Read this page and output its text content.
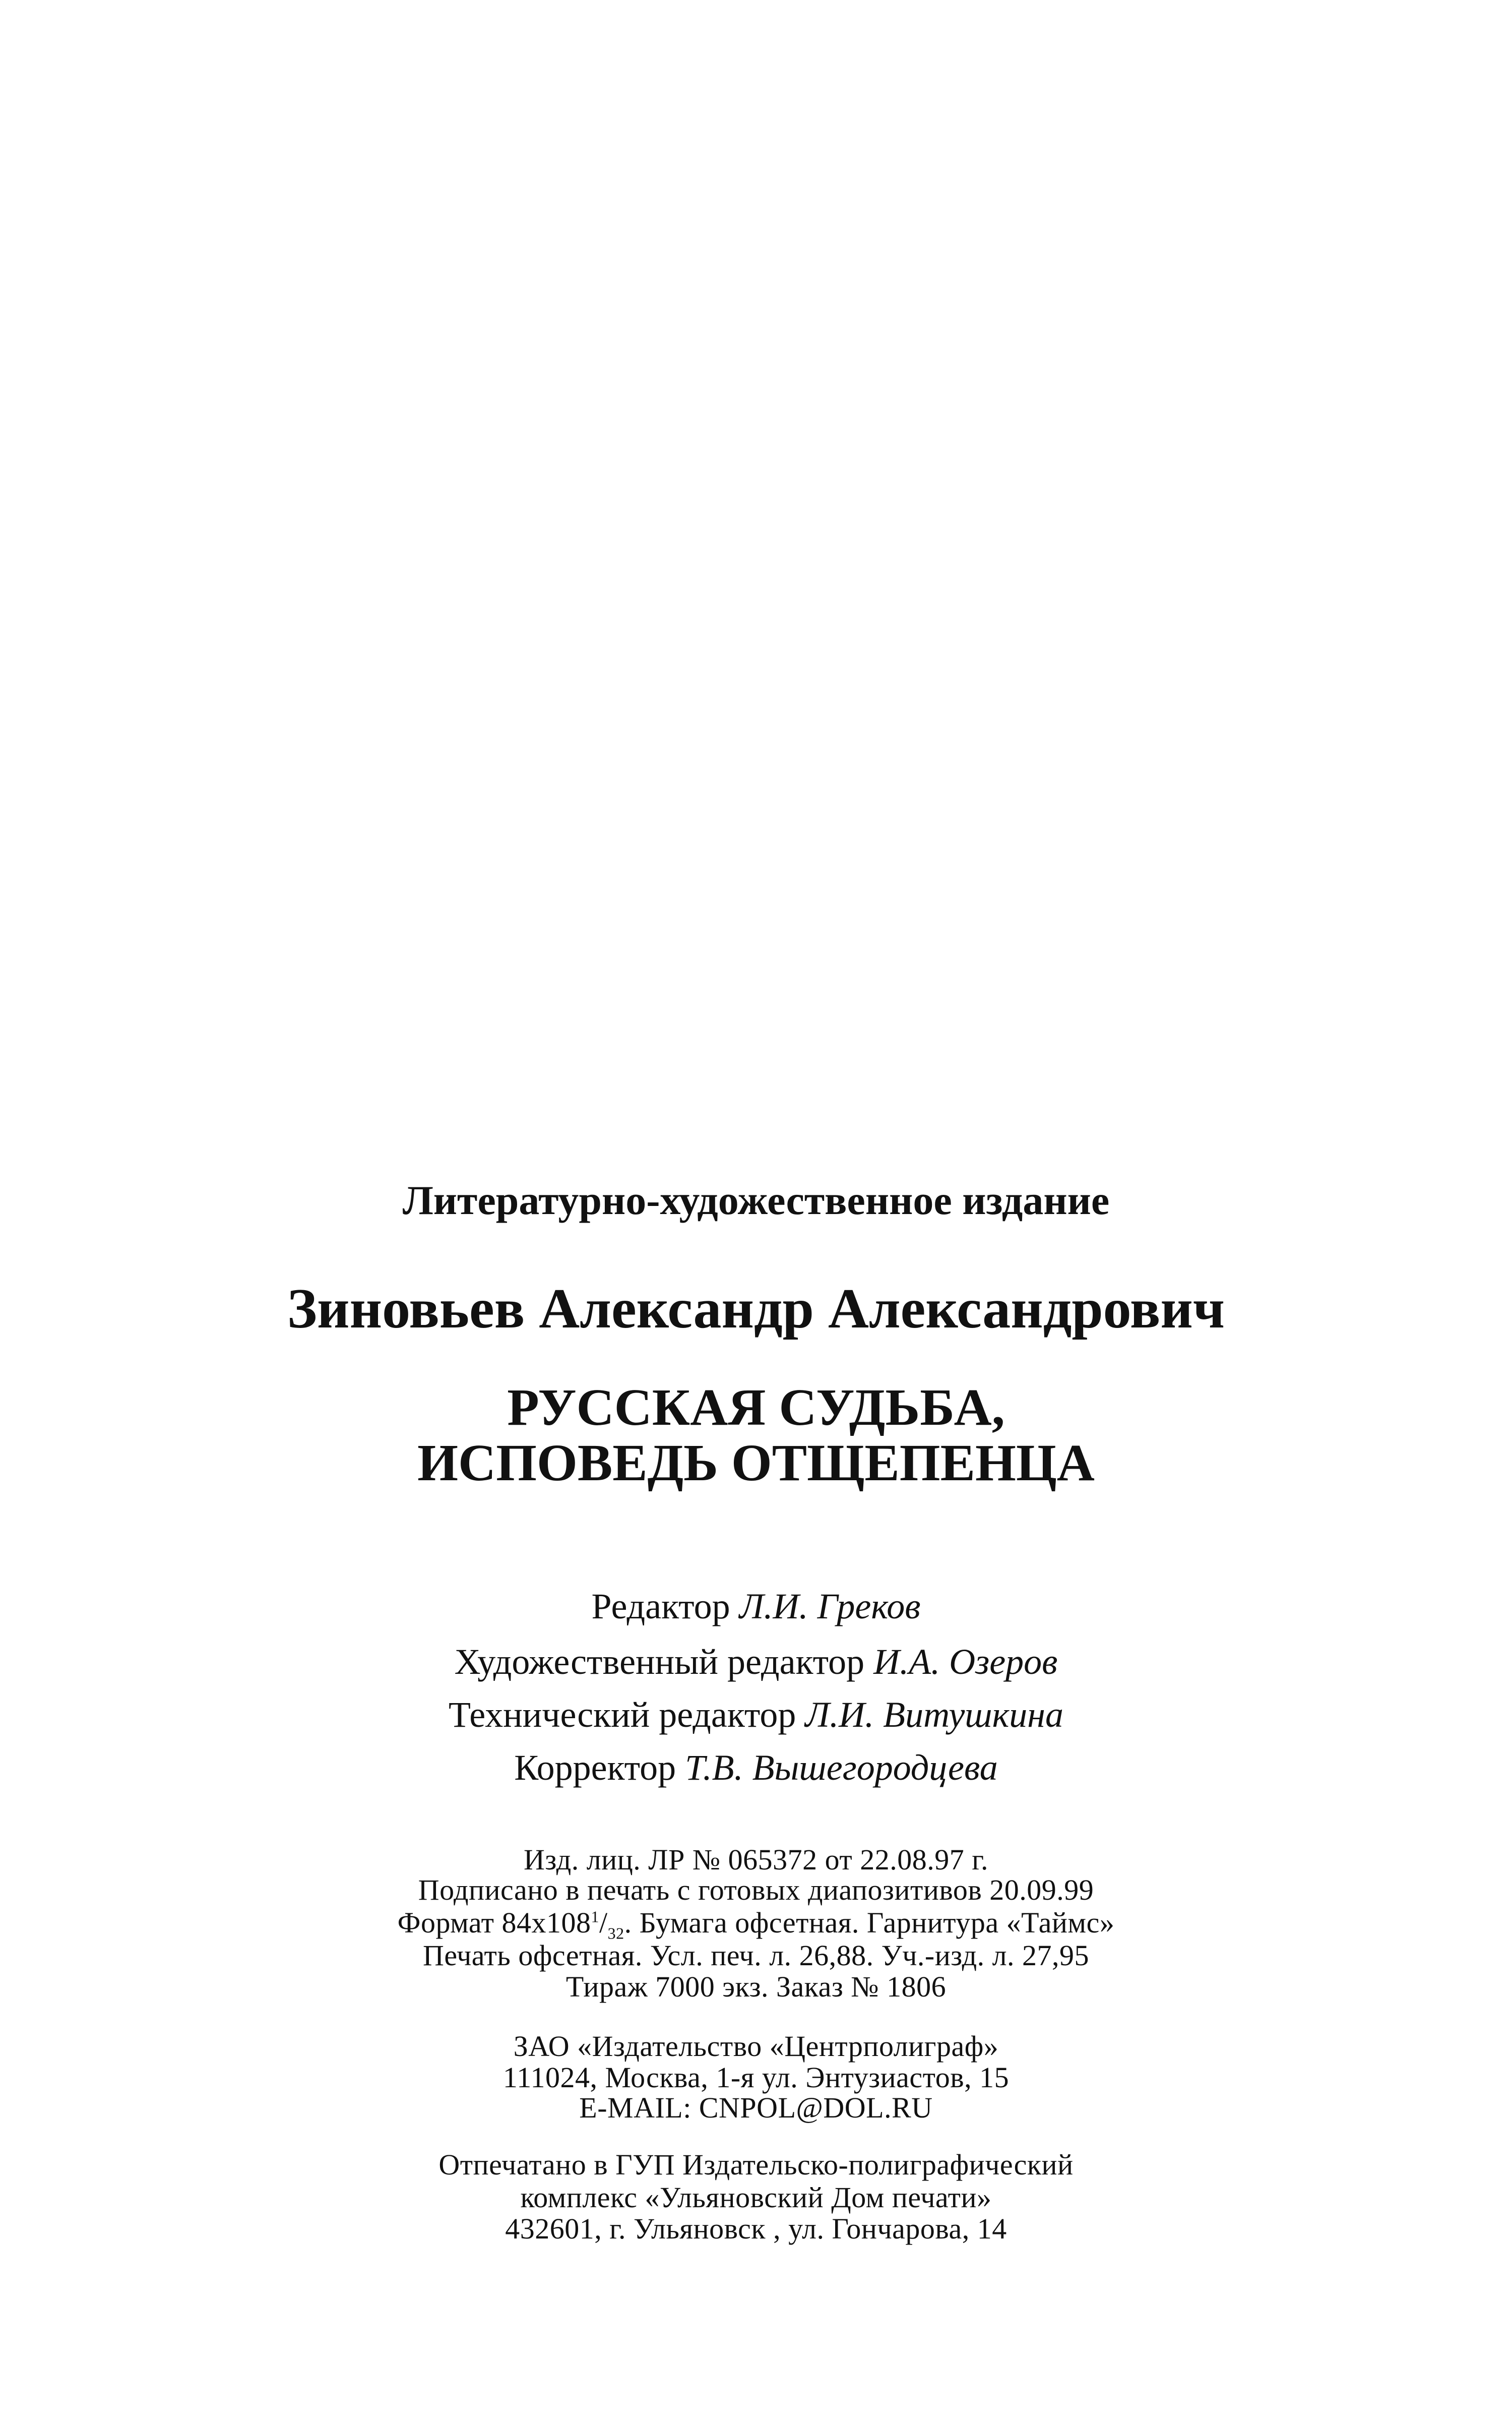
Литературно-художественное издание
Зиновьев Александр Александрович
РУССКАЯ СУДЬБА,
ИСПОВЕДЬ ОТЩЕПЕНЦА
Редактор Л.И. Греков
Художественный редактор И.А. Озеров
Технический редактор Л.И. Витушкина
Корректор Т.В. Вышегородцева
Изд. лиц. ЛР № 065372 от 22.08.97 г.
Подписано в печать с готовых диапозитивов 20.09.99
Формат $84х108^1/_{32}$. Бумага офсетная. Гарнитура «Таймс»
Печать офсетная. Усл. печ. л. 26,88. Уч.-изд. л. 27,95
Тираж 7000 экз. Заказ № 1806
ЗАО «Издательство «Центрполиграф»
111024, Москва, 1-я ул. Энтузиастов, 15
E-MAIL: CNPOL@DOL.RU
Отпечатано в ГУП Издательско-полиграфический
комплекс «Ульяновский Дом печати»
432601, г. Ульяновск , ул. Гончарова, 14
